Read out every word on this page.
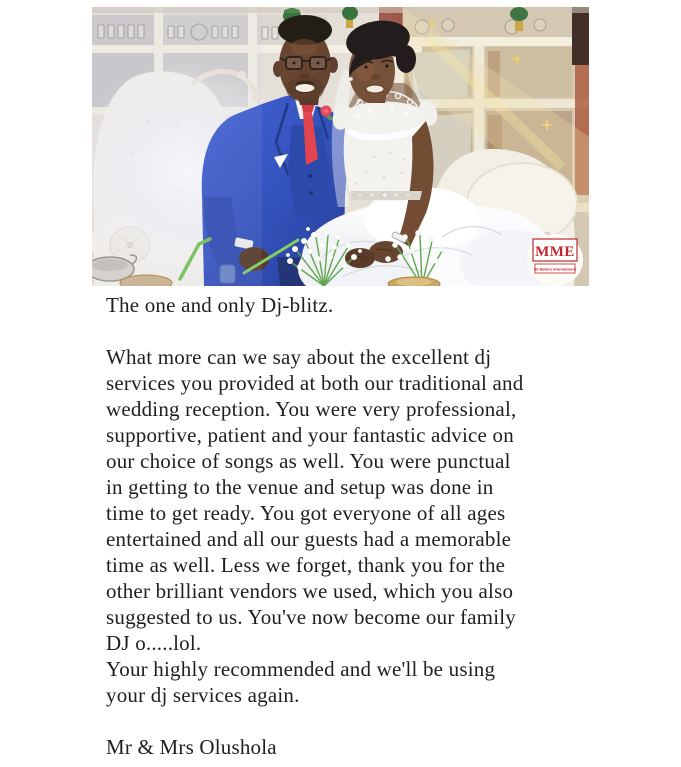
MME
Mc Banters Entertainment
The one and only Dj-blitz.
What more can we say about the excellent dj
services you provided at both our traditional and
wedding reception. You were very professional,
supportive, patient and your fantastic advice on
our choice of songs as well. You were punctual
in getting to the venue and setup was done in
time to get ready. You got everyone of all ages
entertained and all our guests had a memorable
time as well. Less we forget, thank you for the
other brilliant vendors we used, which you also
suggested to us. You've now become our family
DJ o.....lol.
Your highly recommended and we'll be using
your dj services again.
Mr & Mrs Olushola
